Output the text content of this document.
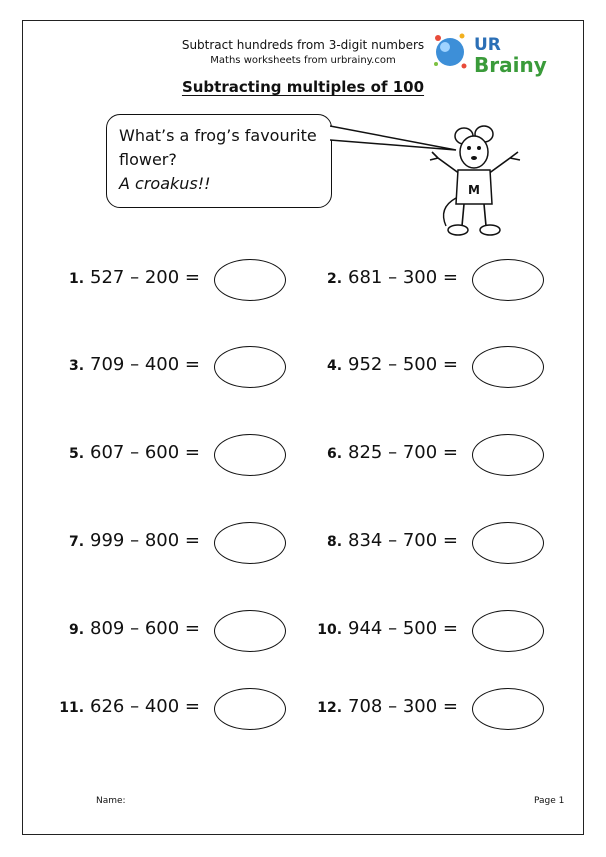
Subtract hundreds from 3-digit numbers
Maths worksheets from urbrainy.com
Subtracting multiples of 100
UR
Brainy
What’s a frog’s favourite flower?
A croakus!!	M
1. 527 – 200 =	2. 681 – 300 =
3. 709 – 400 =	4. 952 – 500 =
5. 607 – 600 =	6. 825 – 700 =
7. 999 – 800 =	8. 834 – 700 =
9. 809 – 600 =	10. 944 – 500 =
11. 626 – 400 =	12. 708 – 300 =
Name:	Page 1
